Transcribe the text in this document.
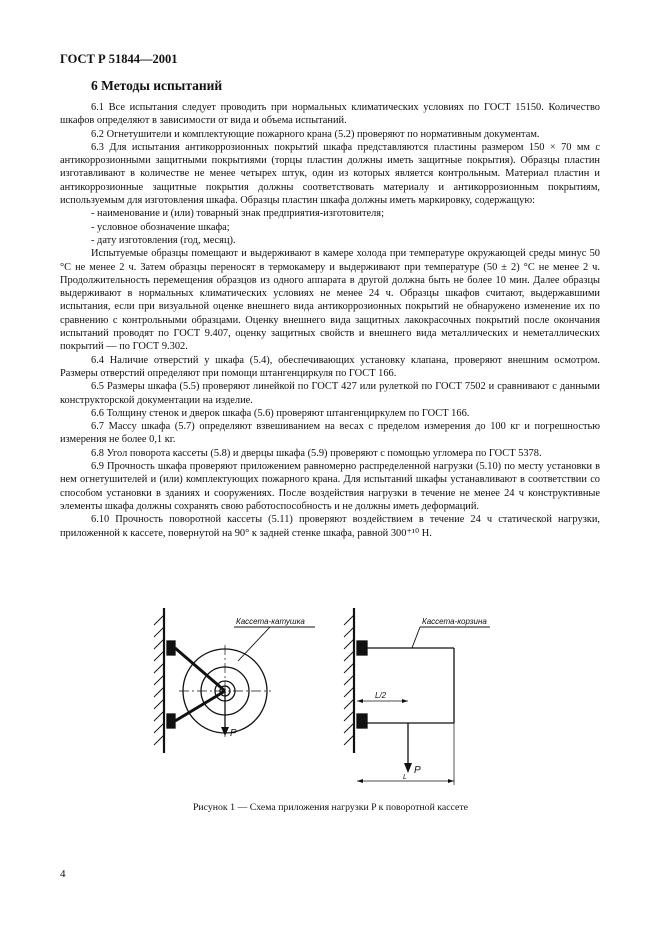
ГОСТ Р 51844—2001
6 Методы испытаний

6.1 Все испытания следует проводить при нормальных климатических условиях по ГОСТ 15150. Количество шкафов определяют в зависимости от вида и объема испытаний.

6.2 Огнетушители и комплектующие пожарного крана (5.2) проверяют по нормативным документам.

6.3 Для испытания антикоррозионных покрытий шкафа представляются пластины размером 150 × 70 мм с антикоррозионными защитными покрытиями (торцы пластин должны иметь защитные покрытия). Образцы пластин изготавливают в количестве не менее четырех штук, один из которых является контрольным. Материал пластин и антикоррозионные защитные покрытия должны соответствовать материалу и антикоррозионным покрытиям, используемым для изготовления шкафа. Образцы пластин шкафа должны иметь маркировку, содержащую:

- наименование и (или) товарный знак предприятия-изготовителя;

- условное обозначение шкафа;

- дату изготовления (год, месяц).

Испытуемые образцы помещают и выдерживают в камере холода при температуре окружающей среды минус 50 °С не менее 2 ч. Затем образцы переносят в термокамеру и выдерживают при температуре (50 ± 2) °С не менее 2 ч. Продолжительность перемещения образцов из одного аппарата в другой должна быть не более 10 мин. Далее образцы выдерживают в нормальных климатических условиях не менее 24 ч. Образцы шкафов считают, выдержавшими испытания, если при визуальной оценке внешнего вида антикоррозионных покрытий не обнаружено изменение их по сравнению с контрольными образцами. Оценку внешнего вида защитных лакокрасочных покрытий после окончания испытаний проводят по ГОСТ 9.407, оценку защитных свойств и внешнего вида металлических и неметаллических покрытий — по ГОСТ 9.302.

6.4 Наличие отверстий у шкафа (5.4), обеспечивающих установку клапана, проверяют внешним осмотром. Размеры отверстий определяют при помощи штангенциркуля по ГОСТ 166.

6.5 Размеры шкафа (5.5) проверяют линейкой по ГОСТ 427 или рулеткой по ГОСТ 7502 и сравнивают с данными конструкторской документации на изделие.

6.6 Толщину стенок и дверок шкафа (5.6) проверяют штангенциркулем по ГОСТ 166.

6.7 Массу шкафа (5.7) определяют взвешиванием на весах с пределом измерения до 100 кг и погрешностью измерения не более 0,1 кг.

6.8 Угол поворота кассеты (5.8) и дверцы шкафа (5.9) проверяют с помощью угломера по ГОСТ 5378.

6.9 Прочность шкафа проверяют приложением равномерно распределенной нагрузки (5.10) по месту установки в нем огнетушителей и (или) комплектующих пожарного крана. Для испытаний шкафы устанавливают в соответствии со способом установки в зданиях и сооружениях. После воздействия нагрузки в течение не менее 24 ч конструктивные элементы шкафа должны сохранять свою работоспособность и не должны иметь деформаций.

6.10 Прочность поворотной кассеты (5.11) проверяют воздействием в течение 24 ч статической нагрузки, приложенной к кассете, повернутой на 90° к задней стенке шкафа, равной 300⁺¹⁰ Н.

Кассета-катушка
P
Кассета-корзина
L/2
P
L
Рисунок 1 — Схема приложения нагрузки P к поворотной кассете
4
